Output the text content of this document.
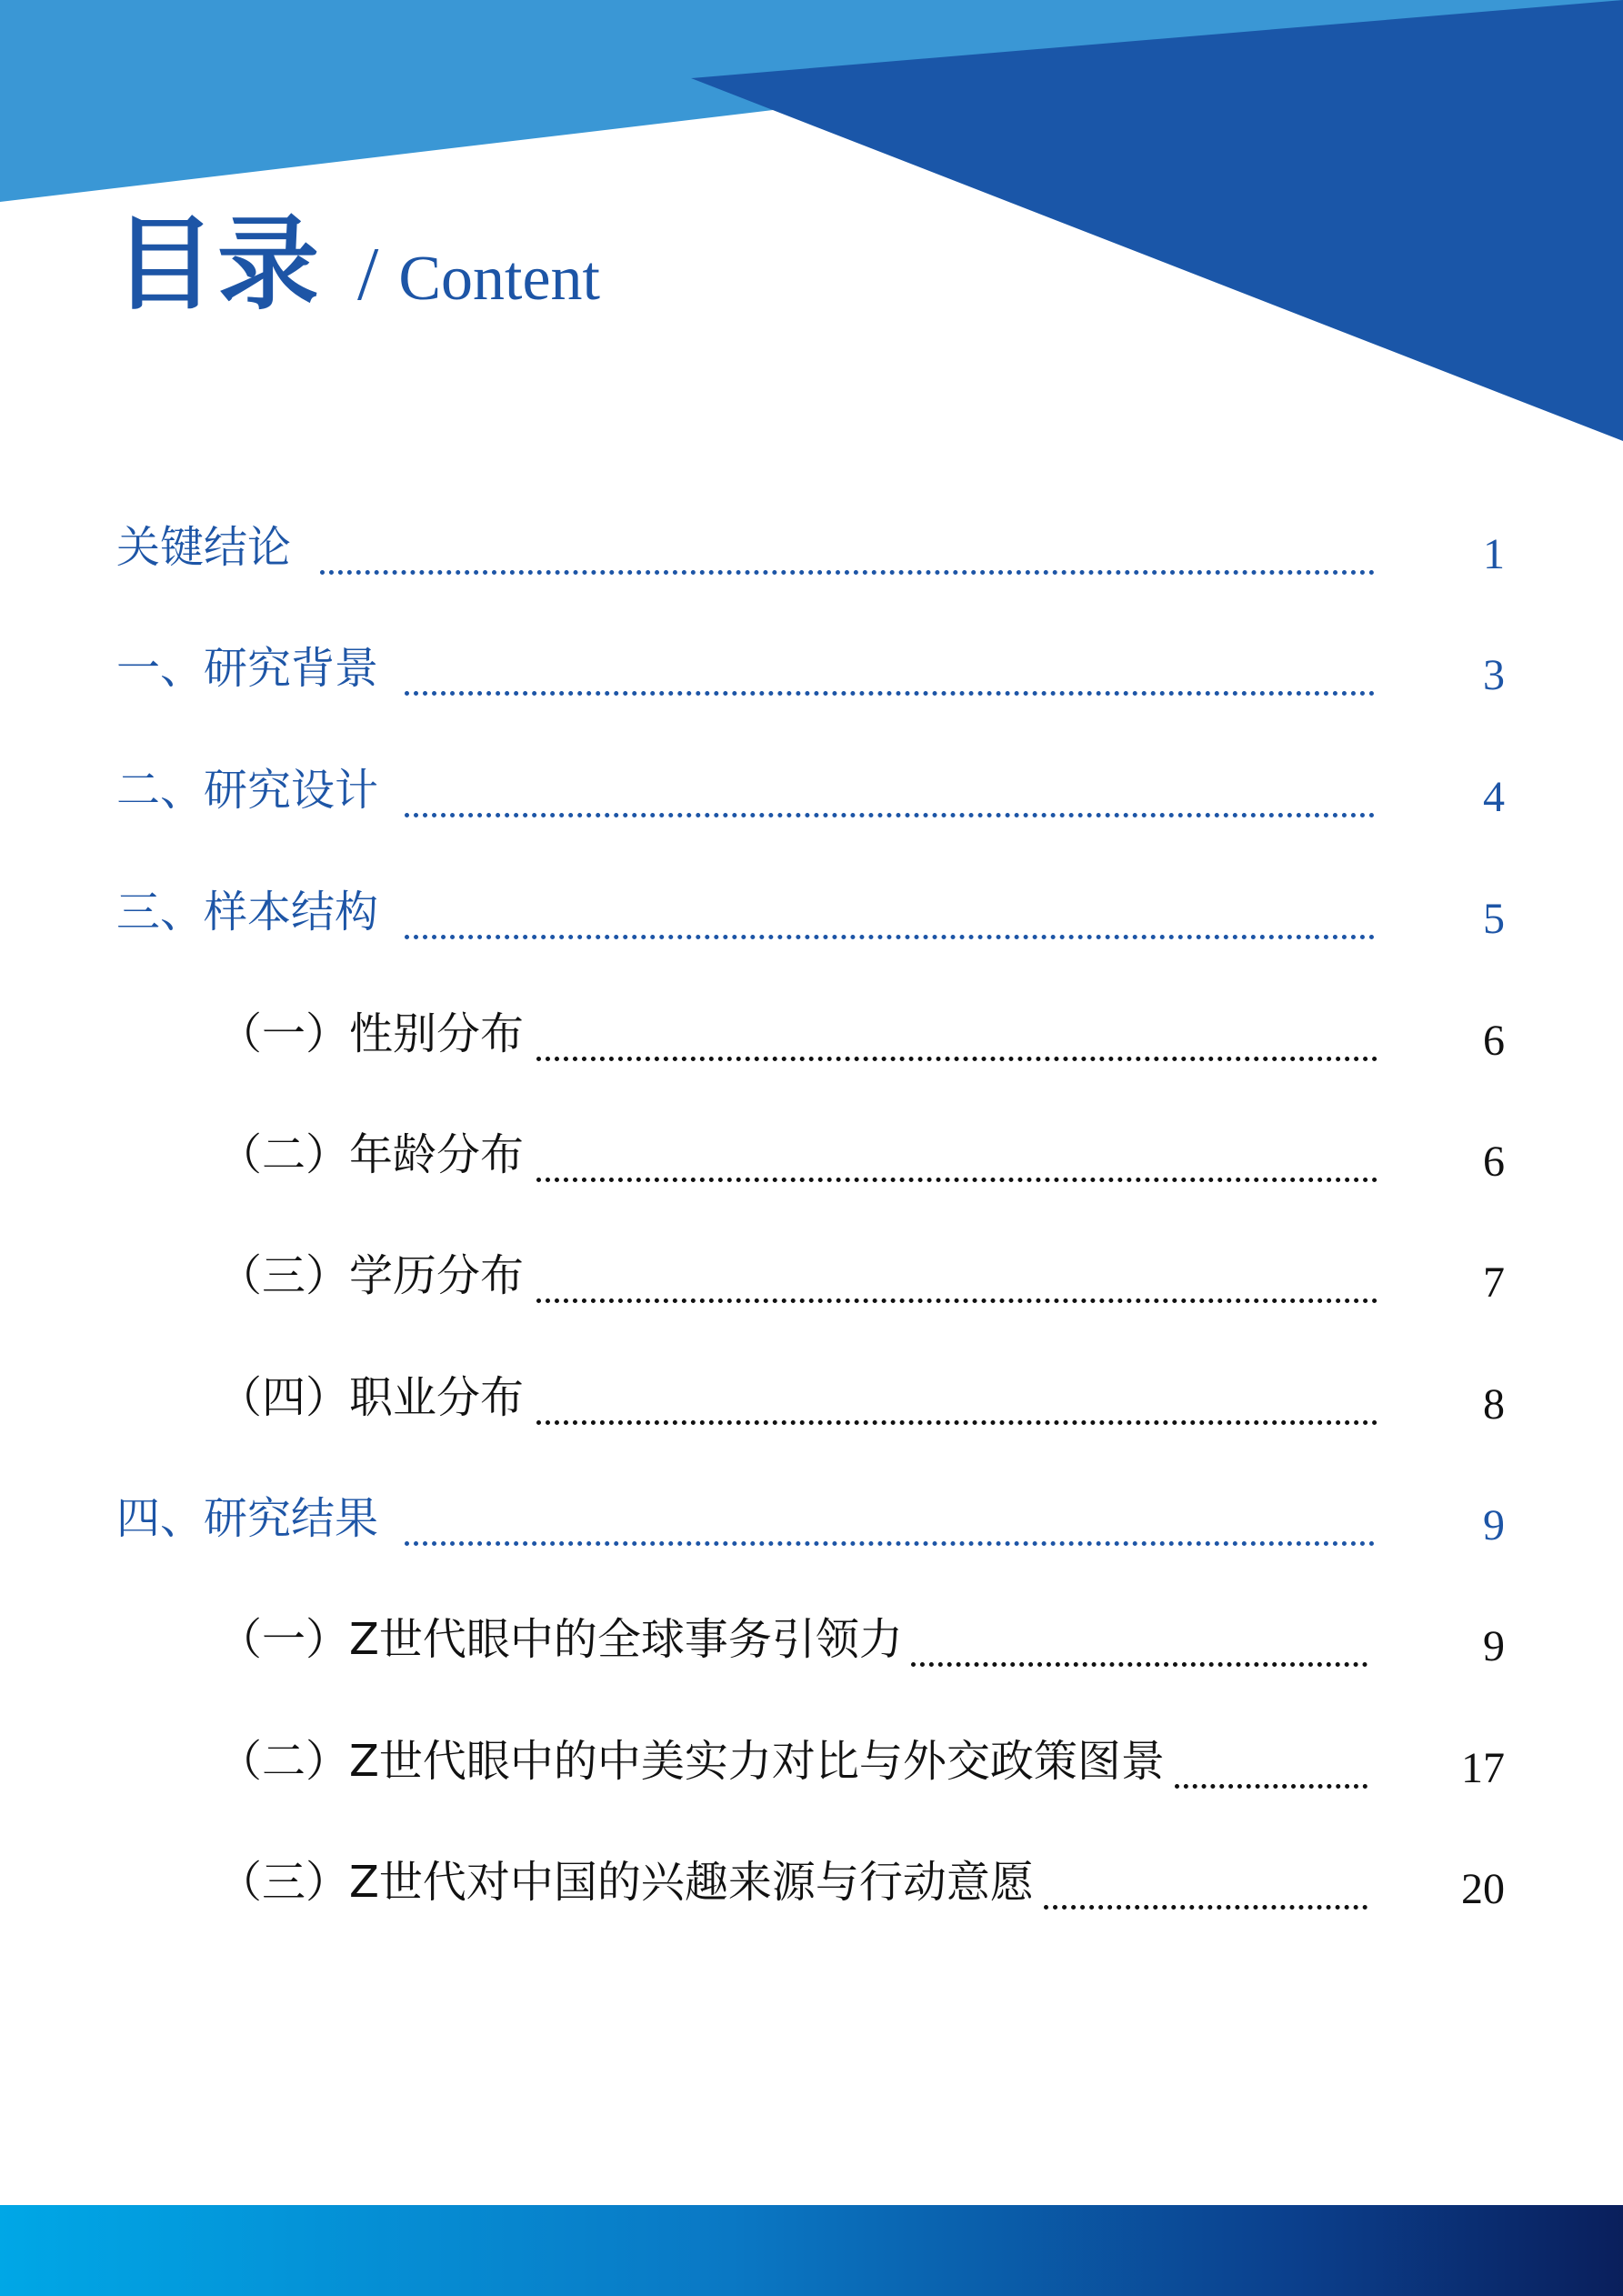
目录 / Content
关键结论	1
一、研究背景	3
二、研究设计	4
三、样本结构	5
（一）性别分布	6
（二）年龄分布	6
（三）学历分布	7
（四）职业分布	8
四、研究结果	9
（一）Z世代眼中的全球事务引领力	9
（二）Z世代眼中的中美实力对比与外交政策图景	17
（三）Z世代对中国的兴趣来源与行动意愿	20
